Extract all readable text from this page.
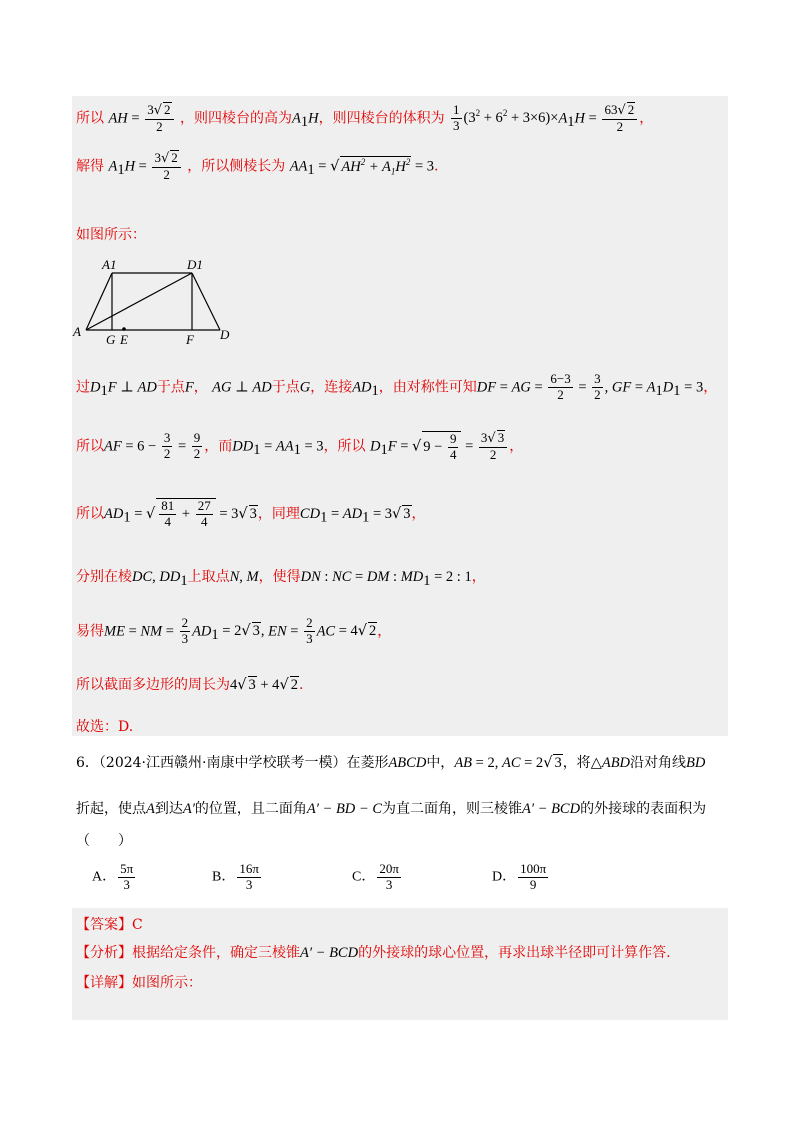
所以 AH = $\frac{3√ 2}{2}$ ，则四棱台的高为$A_1H$，则四棱台的体积为 $\frac{1}{3} (3^2 + 6^2 + 3\times 6)\times A_1H = \frac{63√ 2}{2}$ ，
解得 $A_1H = \frac{3√ 2}{2}$ ，所以侧棱长为 $AA_1$ = √ $AH^2 + A_1H^2 = 3$.
如图所示：
A1	D1
A	D
G E	F
过$D_1F$ ⊥ AD于点F， AG ⊥ AD于点G，连接$AD_1$，由对称性可知DF = AG = $\frac{6-3}{2} = \frac{3}{2}$ , GF = $A_1D_1 = 3$，
所以AF = $6 - \frac{3}{2} = \frac{9}{2}$ ，而$DD_1 = AA_1 = 3$，所以 $D_1F$ = √ $9 - \frac{9}{4} = \frac{3√ 3}{2}$ ，
所以$AD_1$ = √ $\frac{81}{4} + \frac{27}{4} = 3√$ 3，同理$CD_1 = AD_1 = 3√$ 3，
分别在棱DC, $DD_1$上取点N, M，使得DN : NC = DM : $MD_1 = 2$ : 1，
易得ME = NM = $\frac{2}{3} AD_1 = 2√$ 3, EN = $\frac{2}{3}$ AC = 4√ 2，
所以截面多边形的周长为4√ 3 + 4√ 2.
故选：D.
6．（2024·江西赣州·南康中学校联考一模）在菱形ABCD中，AB = 2, AC = 2√ 3，将△ABD沿对角线BD
折起，使点A到达A′的位置，且二面角A′ − BD − C为直二面角，则三棱锥A′ − BCD的外接球的表面积为
（　　）
A． $\frac{5\pi}{3}$	B． $\frac{16\pi}{3}$	C． $\frac{20\pi}{3}$	D． $\frac{100\pi}{9}$
【答案】C
【分析】根据给定条件，确定三棱锥A′ − BCD的外接球的球心位置，再求出球半径即可计算作答.
【详解】如图所示：
